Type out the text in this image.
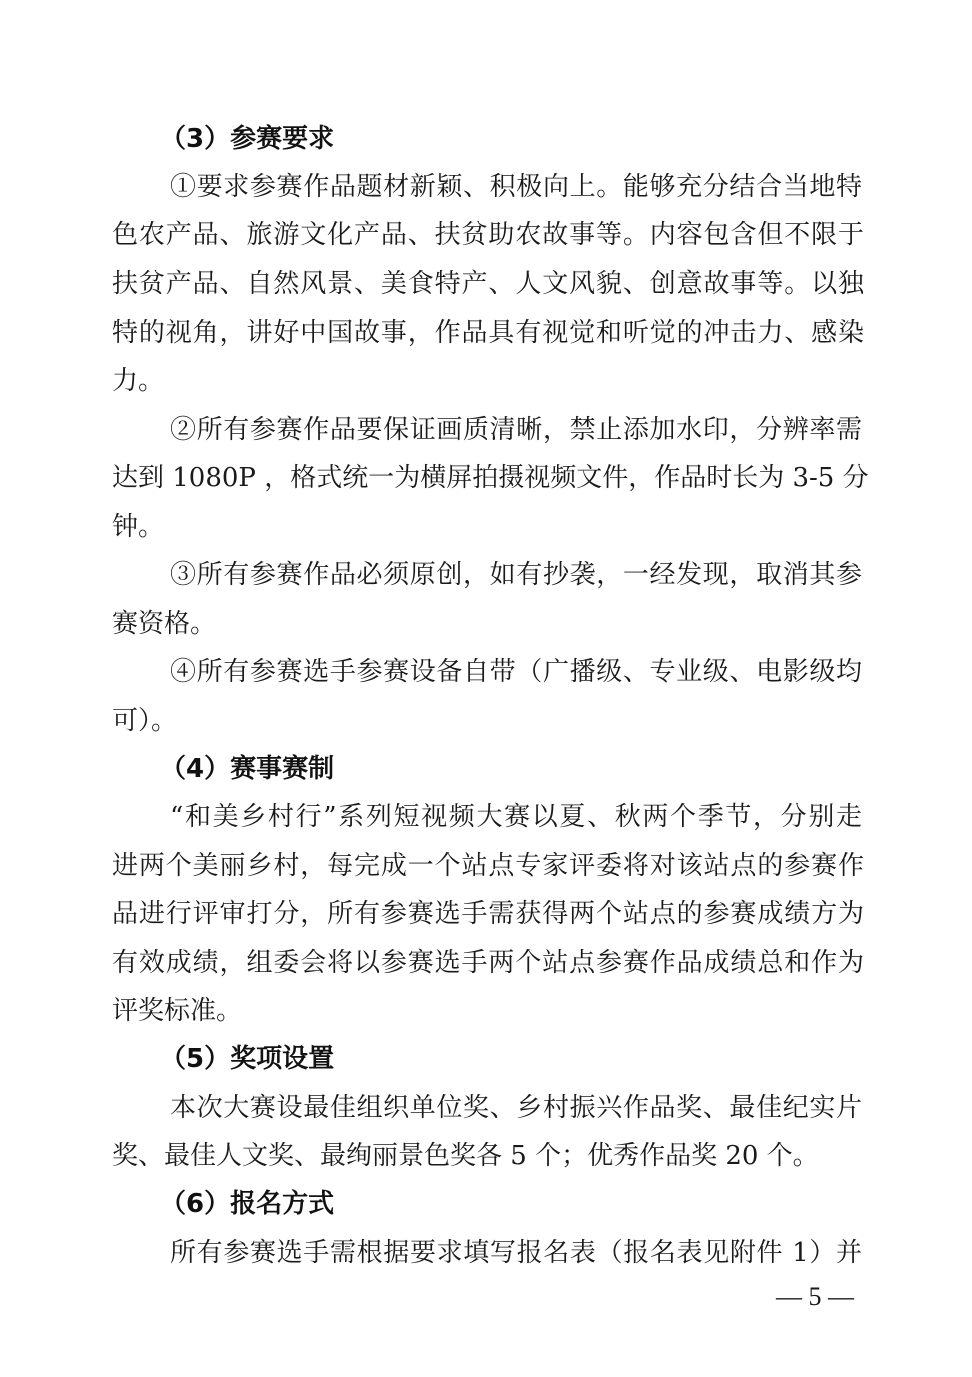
（3）参赛要求
①要求参赛作品题材新颖、积极向上。能够充分结合当地特
色农产品、旅游文化产品、扶贫助农故事等。内容包含但不限于
扶贫产品、自然风景、美食特产、人文风貌、创意故事等。以独
特的视角，讲好中国故事，作品具有视觉和听觉的冲击力、感染
力。
②所有参赛作品要保证画质清晰，禁止添加水印，分辨率需
达到 1080P ，格式统一为横屏拍摄视频文件，作品时长为 3-5 分
钟。
③所有参赛作品必须原创，如有抄袭，一经发现，取消其参
赛资格。
④所有参赛选手参赛设备自带（广播级、专业级、电影级均
可）。
（4）赛事赛制
“和美乡村行”系列短视频大赛以夏、秋两个季节，分别走
进两个美丽乡村，每完成一个站点专家评委将对该站点的参赛作
品进行评审打分，所有参赛选手需获得两个站点的参赛成绩方为
有效成绩，组委会将以参赛选手两个站点参赛作品成绩总和作为
评奖标准。
（5）奖项设置
本次大赛设最佳组织单位奖、乡村振兴作品奖、最佳纪实片
奖、最佳人文奖、最绚丽景色奖各 5 个；优秀作品奖 20 个。
（6）报名方式
所有参赛选手需根据要求填写报名表（报名表见附件 1）并
— 5 —
